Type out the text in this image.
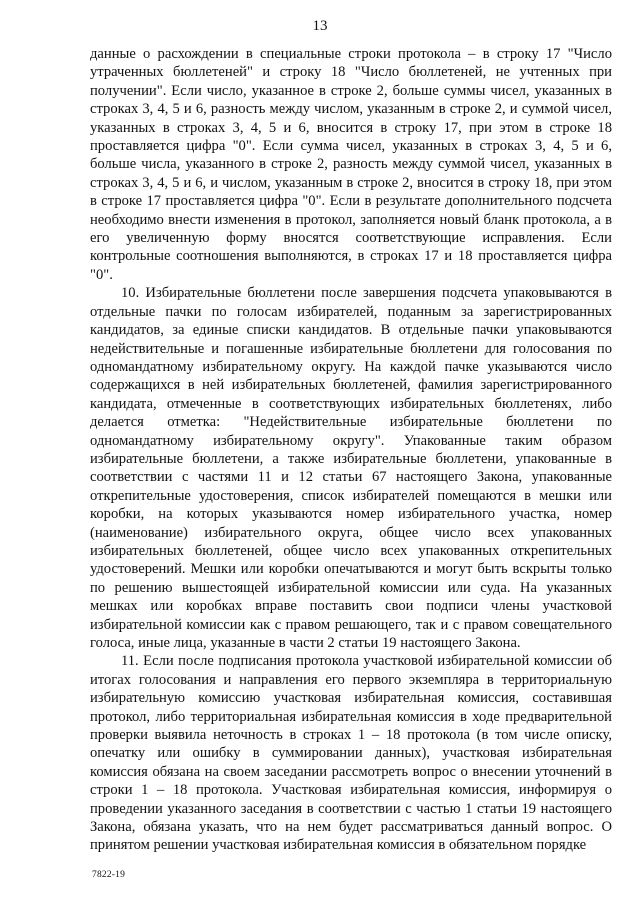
13

данные о расхождении в специальные строки протокола – в строку 17 "Число утраченных бюллетеней" и строку 18 "Число бюллетеней, не учтенных при получении". Если число, указанное в строке 2, больше суммы чисел, указанных в строках 3, 4, 5 и 6, разность между числом, указанным в строке 2, и суммой чисел, указанных в строках 3, 4, 5 и 6, вносится в строку 17, при этом в строке 18 проставляется цифра "0". Если сумма чисел, указанных в строках 3, 4, 5 и 6, больше числа, указанного в строке 2, разность между суммой чисел, указанных в строках 3, 4, 5 и 6, и числом, указанным в строке 2, вносится в строку 18, при этом в строке 17 проставляется цифра "0". Если в результате дополнительного подсчета необходимо внести изменения в протокол, заполняется новый бланк протокола, а в его увеличенную форму вносятся соответствующие исправления. Если контрольные соотношения выполняются, в строках 17 и 18 проставляется цифра "0".

10. Избирательные бюллетени после завершения подсчета упаковываются в отдельные пачки по голосам избирателей, поданным за зарегистрированных кандидатов, за единые списки кандидатов. В отдельные пачки упаковываются недействительные и погашенные избирательные бюллетени для голосования по одномандатному избирательному округу. На каждой пачке указываются число содержащихся в ней избирательных бюллетеней, фамилия зарегистрированного кандидата, отмеченные в соответствующих избирательных бюллетенях, либо делается отметка: "Недействительные избирательные бюллетени по одномандатному избирательному округу". Упакованные таким образом избирательные бюллетени, а также избирательные бюллетени, упакованные в соответствии с частями 11 и 12 статьи 67 настоящего Закона, упакованные открепительные удостоверения, список избирателей помещаются в мешки или коробки, на которых указываются номер избирательного участка, номер (наименование) избирательного округа, общее число всех упакованных избирательных бюллетеней, общее число всех упакованных открепительных удостоверений. Мешки или коробки опечатываются и могут быть вскрыты только по решению вышестоящей избирательной комиссии или суда. На указанных мешках или коробках вправе поставить свои подписи члены участковой избирательной комиссии как с правом решающего, так и с правом совещательного голоса, иные лица, указанные в части 2 статьи 19 настоящего Закона.

11. Если после подписания протокола участковой избирательной комиссии об итогах голосования и направления его первого экземпляра в территориальную избирательную комиссию участковая избирательная комиссия, составившая протокол, либо территориальная избирательная комиссия в ходе предварительной проверки выявила неточность в строках 1 – 18 протокола (в том числе описку, опечатку или ошибку в суммировании данных), участковая избирательная комиссия обязана на своем заседании рассмотреть вопрос о внесении уточнений в строки 1 – 18 протокола. Участковая избирательная комиссия, информируя о проведении указанного заседания в соответствии с частью 1 статьи 19 настоящего Закона, обязана указать, что на нем будет рассматриваться данный вопрос. О принятом решении участковая избирательная комиссия в обязательном порядке

7822-19
